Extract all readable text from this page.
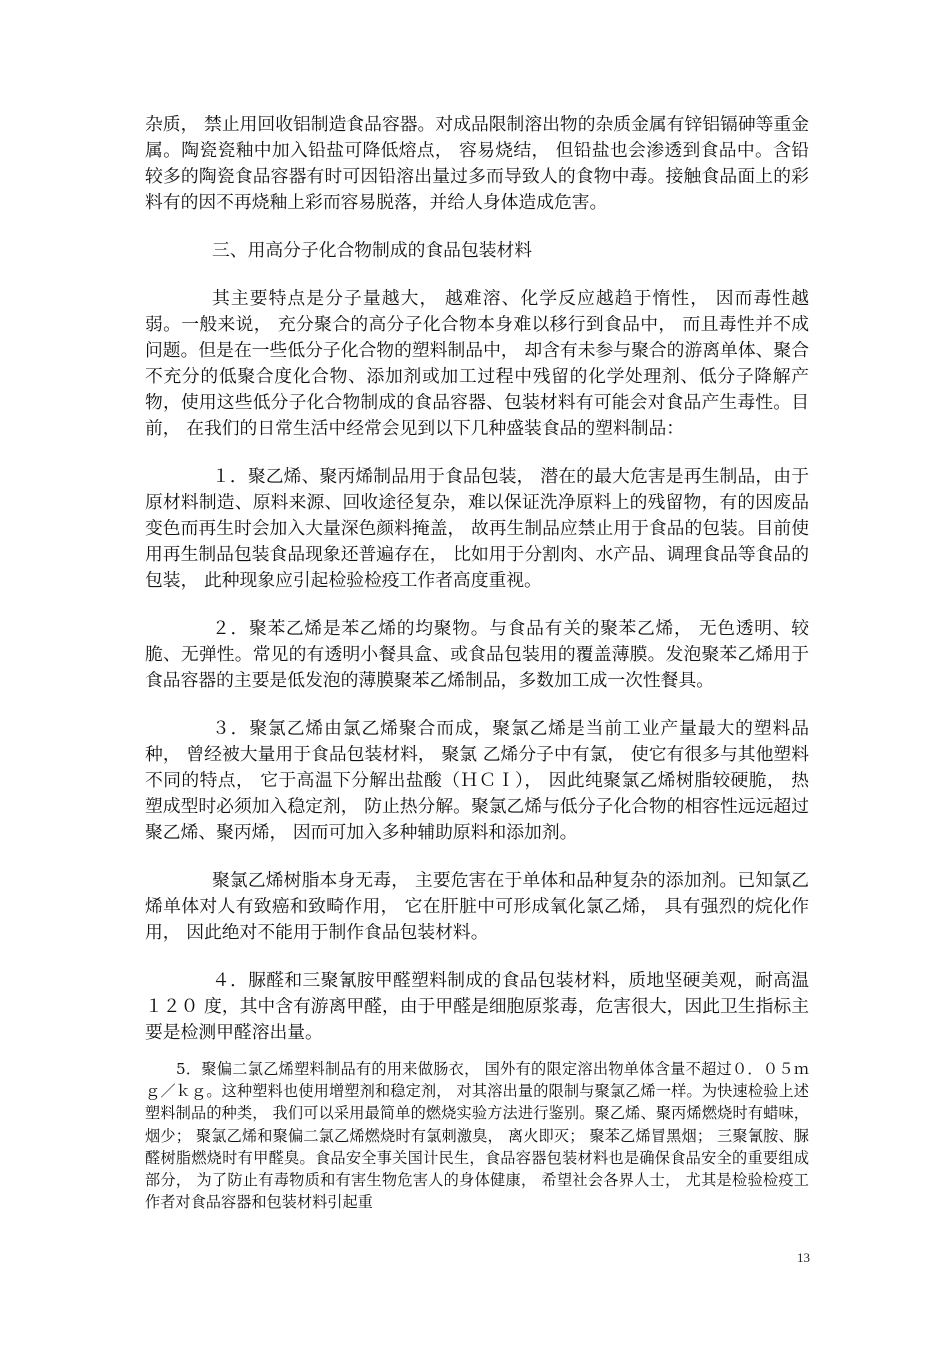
杂质， 禁止用回收铝制造食品容器。对成品限制溶出物的杂质金属有锌铝镉砷等重金属。陶瓷瓷釉中加入铅盐可降低熔点， 容易烧结， 但铅盐也会渗透到食品中。含铅较多的陶瓷食品容器有时可因铅溶出量过多而导致人的食物中毒。接触食品面上的彩料有的因不再烧釉上彩而容易脱落，并给人身体造成危害。

三、用高分子化合物制成的食品包装材料

其主要特点是分子量越大， 越难溶、化学反应越趋于惰性， 因而毒性越弱。一般来说， 充分聚合的高分子化合物本身难以移行到食品中， 而且毒性并不成问题。但是在一些低分子化合物的塑料制品中， 却含有未参与聚合的游离单体、聚合不充分的低聚合度化合物、添加剂或加工过程中残留的化学处理剂、低分子降解产物，使用这些低分子化合物制成的食品容器、包装材料有可能会对食品产生毒性。目前， 在我们的日常生活中经常会见到以下几种盛装食品的塑料制品：

１．聚乙烯、聚丙烯制品用于食品包装， 潜在的最大危害是再生制品，由于原材料制造、原料来源、回收途径复杂，难以保证洗净原料上的残留物，有的因废品变色而再生时会加入大量深色颜料掩盖， 故再生制品应禁止用于食品的包装。目前使用再生制品包装食品现象还普遍存在， 比如用于分割肉、水产品、调理食品等食品的包装， 此种现象应引起检验检疫工作者高度重视。

２．聚苯乙烯是苯乙烯的均聚物。与食品有关的聚苯乙烯， 无色透明、较脆、无弹性。常见的有透明小餐具盒、或食品包装用的覆盖薄膜。发泡聚苯乙烯用于食品容器的主要是低发泡的薄膜聚苯乙烯制品，多数加工成一次性餐具。

３．聚氯乙烯由氯乙烯聚合而成，聚氯乙烯是当前工业产量最大的塑料品种， 曾经被大量用于食品包装材料， 聚氯 乙烯分子中有氯， 使它有很多与其他塑料不同的特点， 它于高温下分解出盐酸（ＨＣＩ）， 因此纯聚氯乙烯树脂较硬脆， 热塑成型时必须加入稳定剂， 防止热分解。聚氯乙烯与低分子化合物的相容性远远超过聚乙烯、聚丙烯， 因而可加入多种辅助原料和添加剂。

聚氯乙烯树脂本身无毒， 主要危害在于单体和品种复杂的添加剂。已知氯乙烯单体对人有致癌和致畸作用， 它在肝脏中可形成氧化氯乙烯， 具有强烈的烷化作用， 因此绝对不能用于制作食品包装材料。

４．脲醛和三聚氰胺甲醛塑料制成的食品包装材料，质地坚硬美观，耐高温 １２０ 度，其中含有游离甲醛，由于甲醛是细胞原浆毒，危害很大，因此卫生指标主要是检测甲醛溶出量。

5．聚偏二氯乙烯塑料制品有的用来做肠衣， 国外有的限定溶出物单体含量不超过０．０５ｍｇ／ｋｇ。这种塑料也使用增塑剂和稳定剂， 对其溶出量的限制与聚氯乙烯一样。为快速检验上述塑料制品的种类， 我们可以采用最简单的燃烧实验方法进行鉴别。聚乙烯、聚丙烯燃烧时有蜡味， 烟少； 聚氯乙烯和聚偏二氯乙烯燃烧时有氯刺激臭， 离火即灭； 聚苯乙烯冒黑烟； 三聚氰胺、脲醛树脂燃烧时有甲醛臭。食品安全事关国计民生，食品容器包装材料也是确保食品安全的重要组成部分， 为了防止有毒物质和有害生物危害人的身体健康， 希望社会各界人士， 尤其是检验检疫工作者对食品容器和包装材料引起重

13
